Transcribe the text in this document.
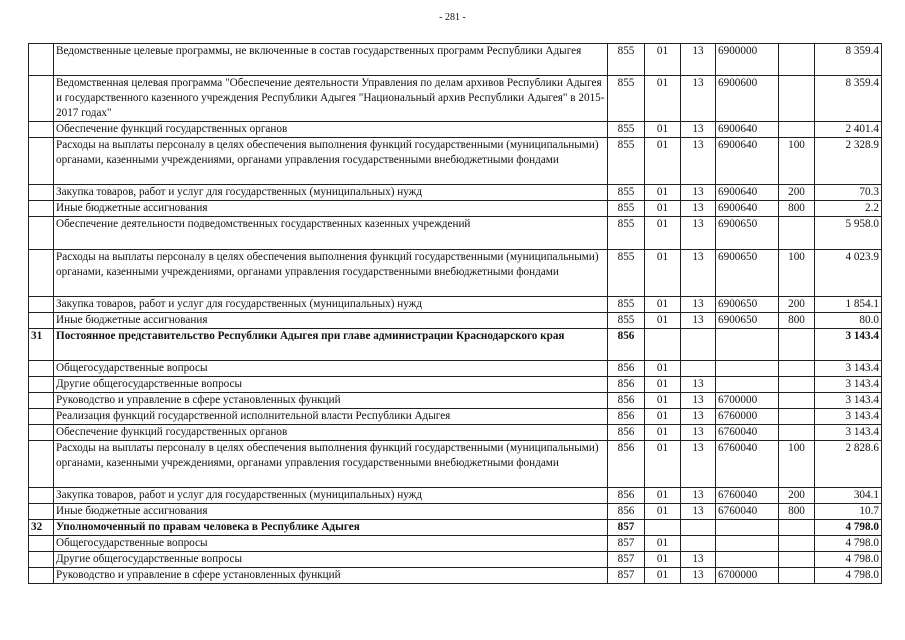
- 281 -
	Ведомственные целевые программы, не включенные в состав государственных программ Республики Адыгея	855	01	13	6900000		8 359.4
	Ведомственная целевая программа "Обеспечение деятельности Управления по делам архивов Республики Адыгея и государственного казенного учреждения Республики Адыгея "Национальный архив Республики Адыгея" в 2015-2017 годах"	855	01	13	6900600		8 359.4
	Обеспечение функций государственных органов	855	01	13	6900640		2 401.4
	Расходы на выплаты персоналу в целях обеспечения выполнения функций государственными (муниципальными) органами, казенными учреждениями, органами управления государственными внебюджетными фондами	855	01	13	6900640	100	2 328.9
	Закупка товаров, работ и услуг для государственных (муниципальных) нужд	855	01	13	6900640	200	70.3
	Иные бюджетные ассигнования	855	01	13	6900640	800	2.2
	Обеспечение деятельности подведомственных государственных казенных учреждений	855	01	13	6900650		5 958.0
	Расходы на выплаты персоналу в целях обеспечения выполнения функций государственными (муниципальными) органами, казенными учреждениями, органами управления государственными внебюджетными фондами	855	01	13	6900650	100	4 023.9
	Закупка товаров, работ и услуг для государственных (муниципальных) нужд	855	01	13	6900650	200	1 854.1
	Иные бюджетные ассигнования	855	01	13	6900650	800	80.0
31	Постоянное представительство Республики Адыгея при главе администрации Краснодарского края	856					3 143.4
	Общегосударственные вопросы	856	01				3 143.4
	Другие общегосударственные вопросы	856	01	13			3 143.4
	Руководство и управление в сфере установленных функций	856	01	13	6700000		3 143.4
	Реализация функций государственной исполнительной власти Республики Адыгея	856	01	13	6760000		3 143.4
	Обеспечение функций государственных органов	856	01	13	6760040		3 143.4
	Расходы на выплаты персоналу в целях обеспечения выполнения функций государственными (муниципальными) органами, казенными учреждениями, органами управления государственными внебюджетными фондами	856	01	13	6760040	100	2 828.6
	Закупка товаров, работ и услуг для государственных (муниципальных) нужд	856	01	13	6760040	200	304.1
	Иные бюджетные ассигнования	856	01	13	6760040	800	10.7
32	Уполномоченный по правам человека в Республике Адыгея	857					4 798.0
	Общегосударственные вопросы	857	01				4 798.0
	Другие общегосударственные вопросы	857	01	13			4 798.0
	Руководство и управление в сфере установленных функций	857	01	13	6700000		4 798.0
